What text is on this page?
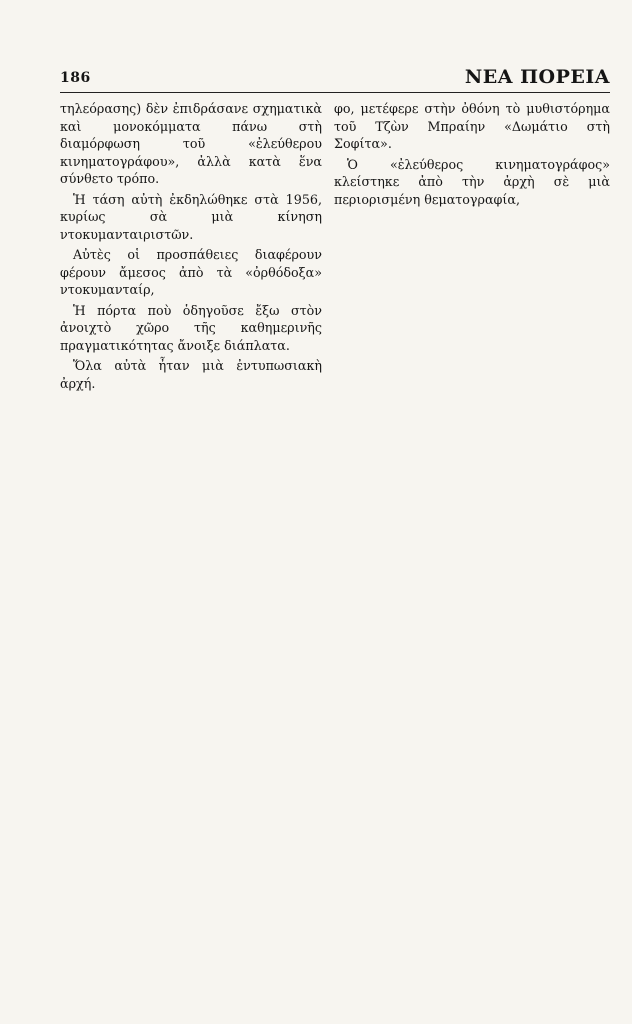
186	ΝΕΑ ΠΟΡΕΙΑ

τηλεόρασης) δὲν ἐπιδράσανε σχηματικὰ καὶ μονοκόμματα πάνω στὴ διαμόρφωση τοῦ «ἐλεύθερου κινηματογράφου», ἀλλὰ κατὰ ἕνα σύνθετο τρόπο.

Ἡ τάση αὐτὴ ἐκδηλώθηκε στὰ 1956, κυρίως σὰ μιὰ κίνηση ντοκυμανταιριστῶν.

Αὐτὲς οἱ προσπάθειες διαφέρουν φέρουν ἄμεσος ἀπὸ τὰ «ὀρθόδοξα» ντοκυμανταίρ,

Ἡ πόρτα ποὺ ὁδηγοῦσε ἔξω στὸν ἀνοιχτὸ χῶρο τῆς καθημερινῆς πραγματικότητας ἄνοιξε διάπλατα.

Ὅλα αὐτὰ ἦταν μιὰ ἐντυπωσιακὴ ἀρχή.

φο, μετέφερε στὴν ὀθόνη τὸ μυθιστόρημα τοῦ Τζὼν Μπραίην «Δωμάτιο στὴ Σοφίτα».

Ὁ «ἐλεύθερος κινηματογράφος» κλείστηκε ἀπὸ τὴν ἀρχὴ σὲ μιὰ περιορισμένη θεματογραφία,
